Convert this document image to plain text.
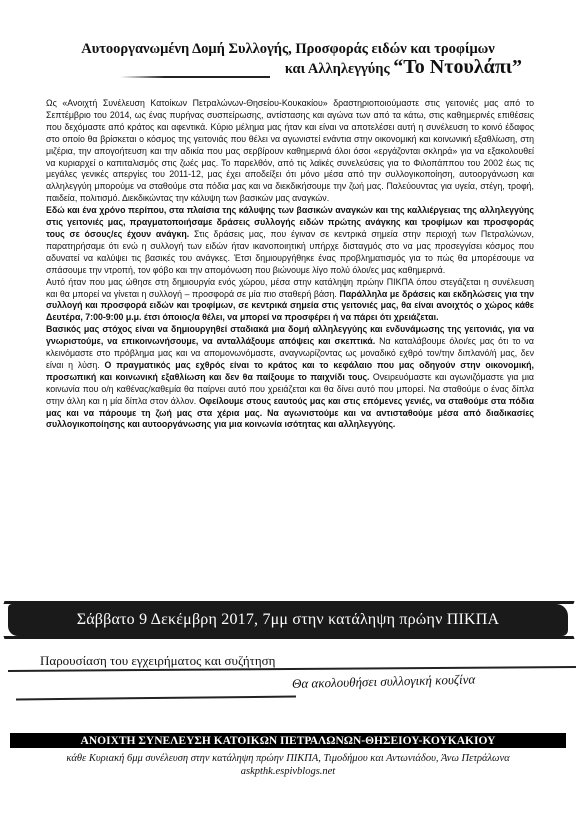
Αυτοοργανωμένη Δομή Συλλογής, Προσφοράς ειδών και τροφίμων
και Αλληλεγγύης “Το Ντουλάπι”

Ως «Ανοιχτή Συνέλευση Κατοίκων Πετραλώνων-Θησείου-Κουκακίου» δραστηριοποιούμαστε στις γειτονιές μας από το Σεπτέμβριο του 2014, ως ένας πυρήνας συσπείρωσης, αντίστασης και αγώνα των από τα κάτω, στις καθημερινές επιθέσεις που δεχόμαστε από κράτος και αφεντικά. Κύριο μέλημα μας ήταν και είναι να αποτελέσει αυτή η συνέλευση το κοινό έδαφος στο οποίο θα βρίσκεται ο κόσμος της γειτονιάς που θέλει να αγωνιστεί ενάντια στην οικονομική και κοινωνική εξαθλίωση, στη μιζέρια, την απογοήτευση και την αδικία που μας σερβίρουν καθημερινά όλοι όσοι «εργάζονται σκληρά» για να εξακολουθεί να κυριαρχεί ο καπιταλισμός στις ζωές μας. Το παρελθόν, από τις λαϊκές συνελεύσεις για το Φιλοπάππου του 2002 έως τις μεγάλες γενικές απεργίες του 2011-12, μας έχει αποδείξει ότι μόνο μέσα από την συλλογικοποίηση, αυτοοργάνωση και αλληλεγγύη μπορούμε να σταθούμε στα πόδια μας και να διεκδικήσουμε την ζωή μας. Παλεύουντας για υγεία, στέγη, τροφή, παιδεία, πολιτισμό. Διεκδικώντας την κάλυψη των βασικών μας αναγκών.

Εδώ και ένα χρόνο περίπου, στα πλαίσια της κάλυψης των βασικών αναγκών και της καλλιέργειας της αλληλεγγύης στις γειτονιές μας, πραγματοποιήσαμε δράσεις συλλογής ειδών πρώτης ανάγκης και τροφίμων και προσφοράς τους σε όσους/ες έχουν ανάγκη. Στις δράσεις μας, που έγιναν σε κεντρικά σημεία στην περιοχή των Πετραλώνων, παρατηρήσαμε ότι ενώ η συλλογή των ειδών ήταν ικανοποιητική υπήρχε δισταγμός στο να μας προσεγγίσει κόσμος που αδυνατεί να καλύψει τις βασικές του ανάγκες. Έτσι δημιουργήθηκε ένας προβληματισμός για το πώς θα μπορέσουμε να σπάσουμε την ντροπή, τον φόβο και την απομόνωση που βιώνουμε λίγο πολύ όλοι/ες μας καθημερινά.

Αυτό ήταν που μας ώθησε στη δημιουργία ενός χώρου, μέσα στην κατάληψη πρώην ΠΙΚΠΑ όπου στεγάζεται η συνέλευση και θα μπορεί να γίνεται η συλλογή – προσφορά σε μία πιο σταθερή βάση. Παράλληλα με δράσεις και εκδηλώσεις για την συλλογή και προσφορά ειδών και τροφίμων, σε κεντρικά σημεία στις γειτονιές μας, θα είναι ανοιχτός ο χώρος κάθε Δευτέρα, 7:00-9:00 μ.μ. έτσι όποιος/α θέλει, να μπορεί να προσφέρει ή να πάρει ότι χρειάζεται.

Βασικός μας στόχος είναι να δημιουργηθεί σταδιακά μια δομή αλληλεγγύης και ενδυνάμωσης της γειτονιάς, για να γνωριστούμε, να επικοινωνήσουμε, να ανταλλάξουμε απόψεις και σκεπτικά. Να καταλάβουμε όλοι/ες μας ότι το να κλεινόμαστε στο πρόβλημα μας και να απομονωνόμαστε, αναγνωρίζοντας ως μοναδικό εχθρό τον/την διπλανό/ή μας, δεν είναι η λύση. Ο πραγματικός μας εχθρός είναι το κράτος και το κεφάλαιο που μας οδηγούν στην οικονομική, προσωπική και κοινωνική εξαθλίωση και δεν θα παίξουμε το παιχνίδι τους. Ονειρευόμαστε και αγωνιζόμαστε για μια κοινωνία που ο/η καθένας/καθεμία θα παίρνει αυτό που χρειάζεται και θα δίνει αυτό που μπορεί. Να σταθούμε ο ένας δίπλα στην άλλη και η μία δίπλα στον άλλον. Οφείλουμε στους εαυτούς μας και στις επόμενες γενιές, να σταθούμε στα πόδια μας και να πάρουμε τη ζωή μας στα χέρια μας. Να αγωνιστούμε και να αντισταθούμε μέσα από διαδικασίες συλλογικοποίησης και αυτοοργάνωσης για μια κοινωνία ισότητας και αλληλεγγύης.

Σάββατο 9 Δεκέμβρη 2017, 7μμ στην κατάληψη πρώην ΠΙΚΠΑ
Παρουσίαση του εγχειρήματος και συζήτηση
Θα ακολουθήσει συλλογική κουζίνα
ΑΝΟΙΧΤΗ ΣΥΝΕΛΕΥΣΗ ΚΑΤΟΙΚΩΝ ΠΕΤΡΑΛΩΝΩΝ-ΘΗΣΕΙΟΥ-ΚΟΥΚΑΚΙΟΥ
κάθε Κυριακή 6μμ συνέλευση στην κατάληψη πρώην ΠΙΚΠΑ, Τιμοδήμου και Αντωνιάδου, Άνω Πετράλωνα
askpthk.espivblogs.net
